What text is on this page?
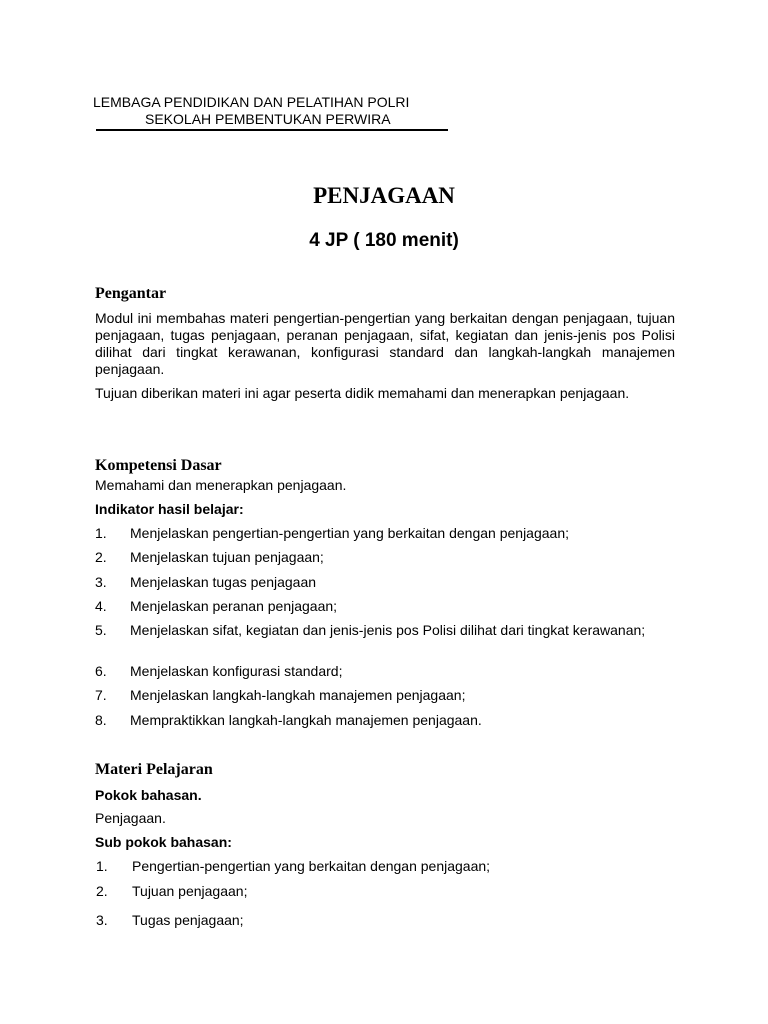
LEMBAGA PENDIDIKAN DAN PELATIHAN POLRI
SEKOLAH PEMBENTUKAN PERWIRA
PENJAGAAN
4 JP ( 180 menit)
Pengantar
Modul ini membahas materi pengertian-pengertian yang berkaitan dengan penjagaan, tujuan penjagaan, tugas penjagaan, peranan penjagaan, sifat, kegiatan dan jenis-jenis pos Polisi dilihat dari tingkat kerawanan, konfigurasi standard dan langkah-langkah manajemen penjagaan.
Tujuan diberikan materi ini agar peserta didik memahami dan menerapkan penjagaan.
Kompetensi Dasar
Memahami dan menerapkan penjagaan.
Indikator hasil belajar:
1. Menjelaskan pengertian-pengertian yang berkaitan dengan penjagaan;
2. Menjelaskan tujuan penjagaan;
3. Menjelaskan tugas penjagaan
4. Menjelaskan peranan penjagaan;
5. Menjelaskan sifat, kegiatan dan jenis-jenis pos Polisi dilihat dari tingkat kerawanan;
6. Menjelaskan konfigurasi standard;
7. Menjelaskan langkah-langkah manajemen penjagaan;
8. Mempraktikkan langkah-langkah manajemen penjagaan.
Materi Pelajaran
Pokok bahasan.
Penjagaan.
Sub pokok bahasan:
1. Pengertian-pengertian yang berkaitan dengan penjagaan;
2. Tujuan penjagaan;
3. Tugas penjagaan;
